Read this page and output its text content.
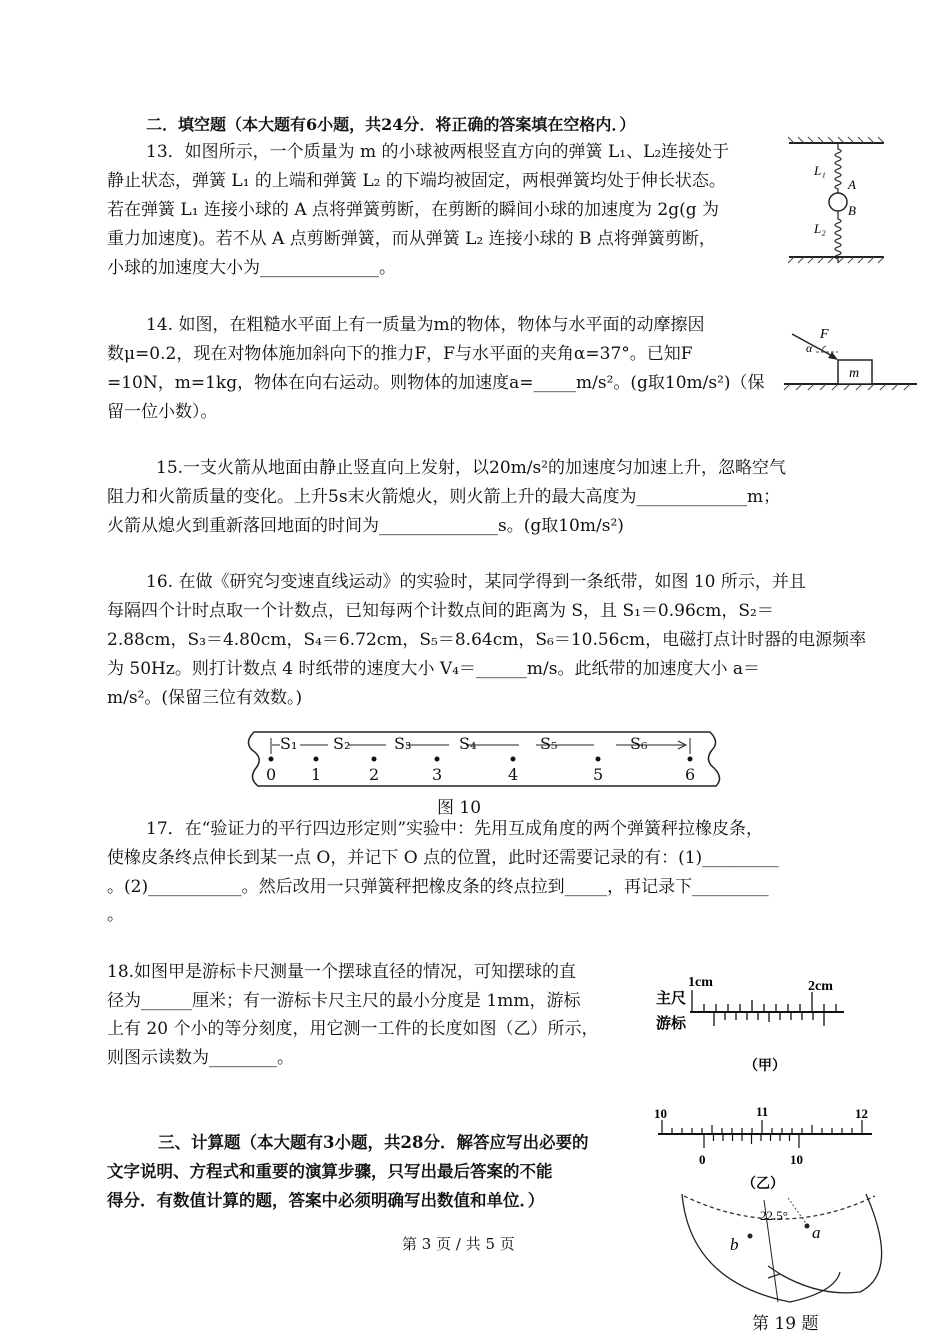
二．填空题（本大题有6小题，共24分．将正确的答案填在空格内．）
13．如图所示，一个质量为 m 的小球被两根竖直方向的弹簧 L₁、L₂连接处于
静止状态，弹簧 L₁ 的上端和弹簧 L₂ 的下端均被固定，两根弹簧均处于伸长状态。
若在弹簧 L₁ 连接小球的 A 点将弹簧剪断，在剪断的瞬间小球的加速度为 2g(g 为
重力加速度)。若不从 A 点剪断弹簧，而从弹簧 L₂ 连接小球的 B 点将弹簧剪断，
小球的加速度大小为______________。
L₁
A
B
L₂
14. 如图，在粗糙水平面上有一质量为m的物体，物体与水平面的动摩擦因
数μ=0.2，现在对物体施加斜向下的推力F，F与水平面的夹角α=37°。已知F
=10N，m=1kg，物体在向右运动。则物体的加速度a=_____m/s²。(g取10m/s²)（保
留一位小数）。
F
α
m
15.一支火箭从地面由静止竖直向上发射，以20m/s²的加速度匀加速上升，忽略空气
阻力和火箭质量的变化。上升5s末火箭熄火，则火箭上升的最大高度为_____________m；
火箭从熄火到重新落回地面的时间为______________s。(g取10m/s²)
16. 在做《研究匀变速直线运动》的实验时，某同学得到一条纸带，如图 10 所示，并且
每隔四个计时点取一个计数点，已知每两个计数点间的距离为 S，且 S₁＝0.96cm，S₂＝
2.88cm，S₃＝4.80cm，S₄＝6.72cm，S₅＝8.64cm，S₆＝10.56cm，电磁打点计时器的电源频率
为 50Hz。则打计数点 4 时纸带的速度大小 V₄＝______m/s。此纸带的加速度大小 a＝
m/s²。(保留三位有效数。)
S₁ S₂	S₃	S₄	S₅	S₆
0 1	2	3	4	5	6
图 10
17．在“验证力的平行四边形定则”实验中：先用互成角度的两个弹簧秤拉橡皮条，
使橡皮条终点伸长到某一点 O，并记下 O 点的位置，此时还需要记录的有：(1)_________
。(2)___________。然后改用一只弹簧秤把橡皮条的终点拉到_____，再记录下_________
。
18.如图甲是游标卡尺测量一个摆球直径的情况，可知摆球的直
径为______厘米；有一游标卡尺主尺的最小分度是 1mm，游标
上有 20 个小的等分刻度，用它测一工件的长度如图（乙）所示，
则图示读数为________。
1cm	2cm
主尺
游标
（甲）
10	11	12
0	10
（乙）
三、计算题（本大题有3小题，共28分．解答应写出必要的
文字说明、方程式和重要的演算步骤，只写出最后答案的不能
得分．有数值计算的题，答案中必须明确写出数值和单位．）
22.5°
b
a
第 19 题
第 3 页 / 共 5 页
